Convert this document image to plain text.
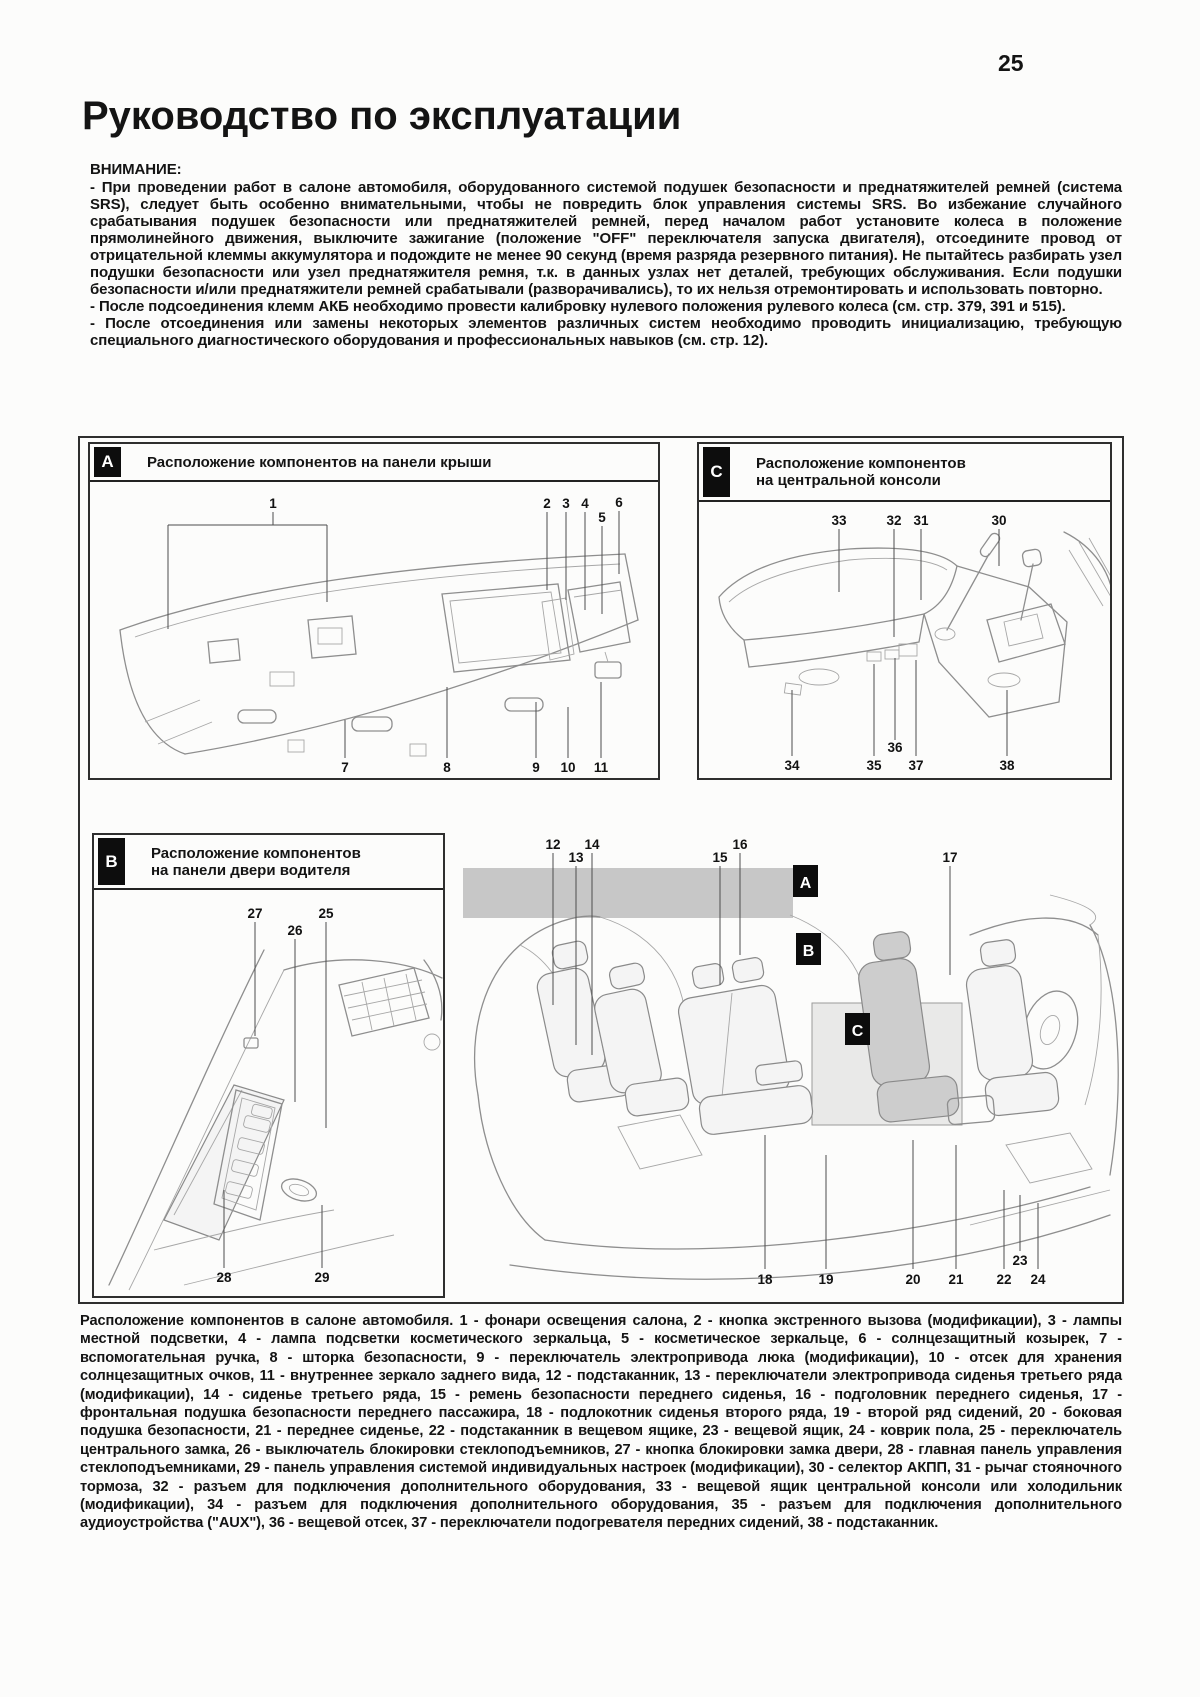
25
Руководство по эксплуатации
ВНИМАНИЕ:

- При проведении работ в салоне автомобиля, оборудованного системой подушек безопасности и преднатяжителей ремней (система SRS), следует быть особенно внимательными, чтобы не повредить блок управления системы SRS. Во избежание случайного срабатывания подушек безопасности или преднатяжителей ремней, перед началом работ установите колеса в положение прямолинейного движения, выключите зажигание (положение "OFF" переключателя запуска двигателя), отсоедините провод от отрицательной клеммы аккумулятора и подождите не менее 90 секунд (время разряда резервного питания). Не пытайтесь разбирать узел подушки безопасности или узел преднатяжителя ремня, т.к. в данных узлах нет деталей, требующих обслуживания. Если подушки безопасности и/или преднатяжители ремней срабатывали (разворачивались), то их нельзя отремонтировать и использовать повторно.

- После подсоединения клемм АКБ необходимо провести калибровку нулевого положения рулевого колеса (см. стр. 379, 391 и 515).

- После отсоединения или замены некоторых элементов различных систем необходимо проводить инициализацию, требующую специального диагностического оборудования и профессиональных навыков (см. стр. 12).

A	Расположение компонентов на панели крыши
1	2 3 4
5
6
7	8	9 10 11
C	Расположение компонентов
на центральной консоли
33	32 31	30
34	35
36
37	38
B	Расположение компонентов
на панели двери водителя
27
26
25
28	29
A
B
C
12
13
14
15
16
17
18	19	20 21 22
23
24

Расположение компонентов в салоне автомобиля. 1 - фонари освещения салона, 2 - кнопка экстренного вызова (модификации), 3 - лампы местной подсветки, 4 - лампа подсветки косметического зеркальца, 5 - косметическое зеркальце, 6 - солнцезащитный козырек, 7 - вспомогательная ручка, 8 - шторка безопасности, 9 - переключатель электропривода люка (модификации), 10 - отсек для хранения солнцезащитных очков, 11 - внутреннее зеркало заднего вида, 12 - подстаканник, 13 - переключатели электропривода сиденья третьего ряда (модификации), 14 - сиденье третьего ряда, 15 - ремень безопасности переднего сиденья, 16 - подголовник переднего сиденья, 17 - фронтальная подушка безопасности переднего пассажира, 18 - подлокотник сиденья второго ряда, 19 - второй ряд сидений, 20 - боковая подушка безопасности, 21 - переднее сиденье, 22 - подстаканник в вещевом ящике, 23 - вещевой ящик, 24 - коврик пола, 25 - переключатель центрального замка, 26 - выключатель блокировки стеклоподъемников, 27 - кнопка блокировки замка двери, 28 - главная панель управления стеклоподъемниками, 29 - панель управления системой индивидуальных настроек (модификации), 30 - селектор АКПП, 31 - рычаг стояночного тормоза, 32 - разъем для подключения дополнительного оборудования, 33 - вещевой ящик центральной консоли или холодильник (модификации), 34 - разъем для подключения дополнительного оборудования, 35 - разъем для подключения дополнительного аудиоустройства ("AUX"), 36 - вещевой отсек, 37 - переключатели подогревателя передних сидений, 38 - подстаканник.
